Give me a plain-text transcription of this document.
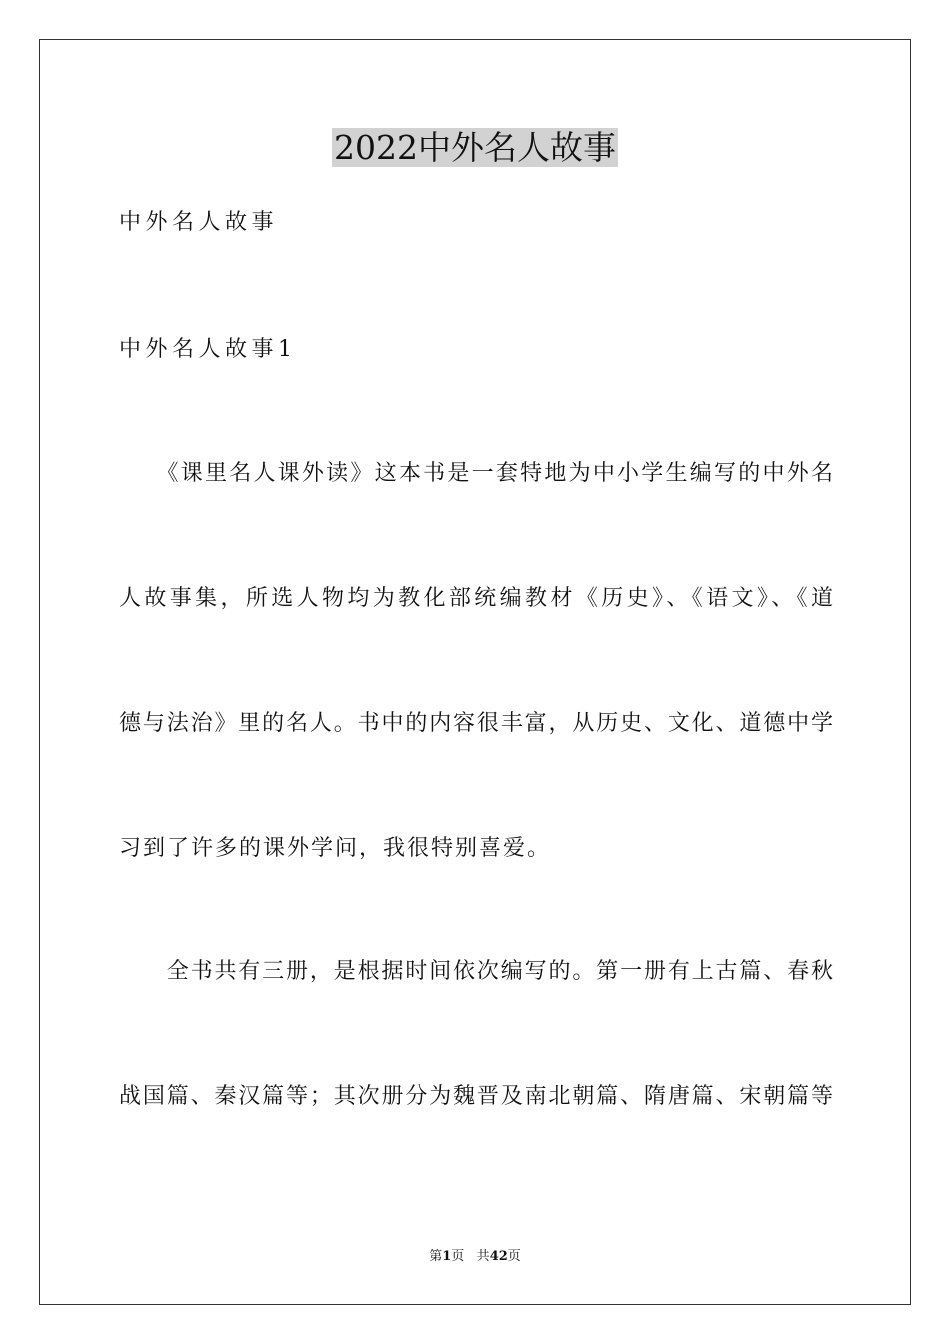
2022中外名人故事
中外名人故事
中外名人故事1
　　《课里名人课外读》这本书是一套特地为中小学生编写的中外名
人故事集，所选人物均为教化部统编教材《历史》、《语文》、《道
德与法治》里的名人。书中的内容很丰富，从历史、文化、道德中学
习到了许多的课外学问，我很特别喜爱。
　　全书共有三册，是根据时间依次编写的。第一册有上古篇、春秋
战国篇、秦汉篇等；其次册分为魏晋及南北朝篇、隋唐篇、宋朝篇等
第1页 共42页
